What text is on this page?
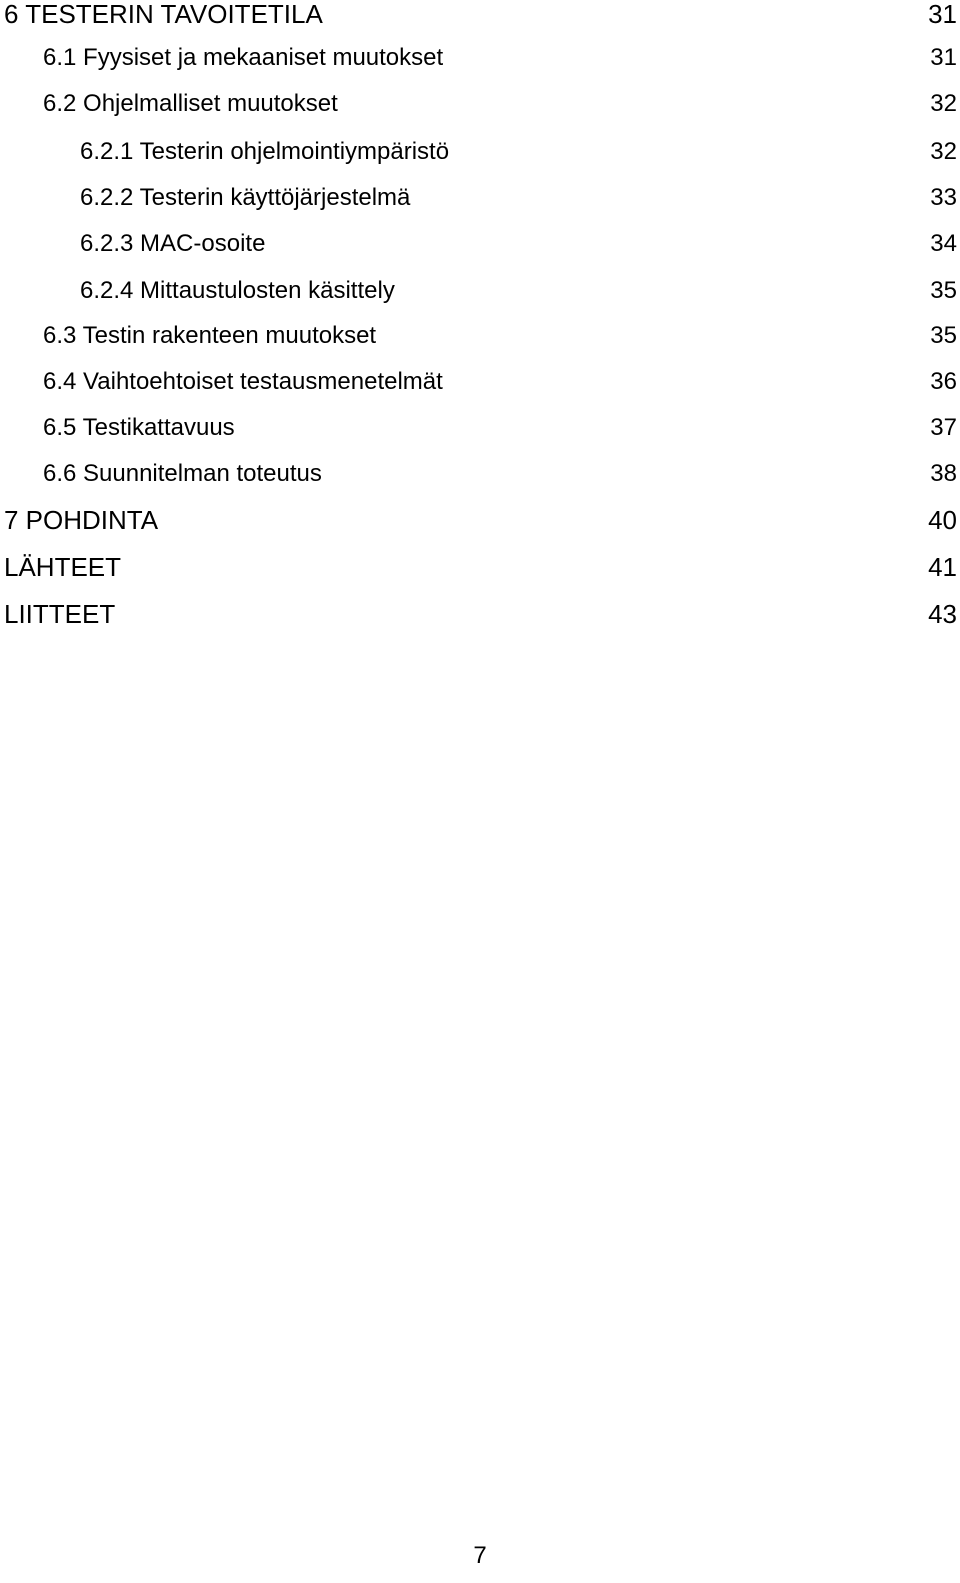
6 TESTERIN TAVOITETILA	31
6.1 Fyysiset ja mekaaniset muutokset	31
6.2 Ohjelmalliset muutokset	32
6.2.1 Testerin ohjelmointiympäristö	32
6.2.2 Testerin käyttöjärjestelmä	33
6.2.3 MAC-osoite	34
6.2.4 Mittaustulosten käsittely	35
6.3 Testin rakenteen muutokset	35
6.4 Vaihtoehtoiset testausmenetelmät	36
6.5 Testikattavuus	37
6.6 Suunnitelman toteutus	38
7 POHDINTA	40
LÄHTEET	41
LIITTEET	43
7
